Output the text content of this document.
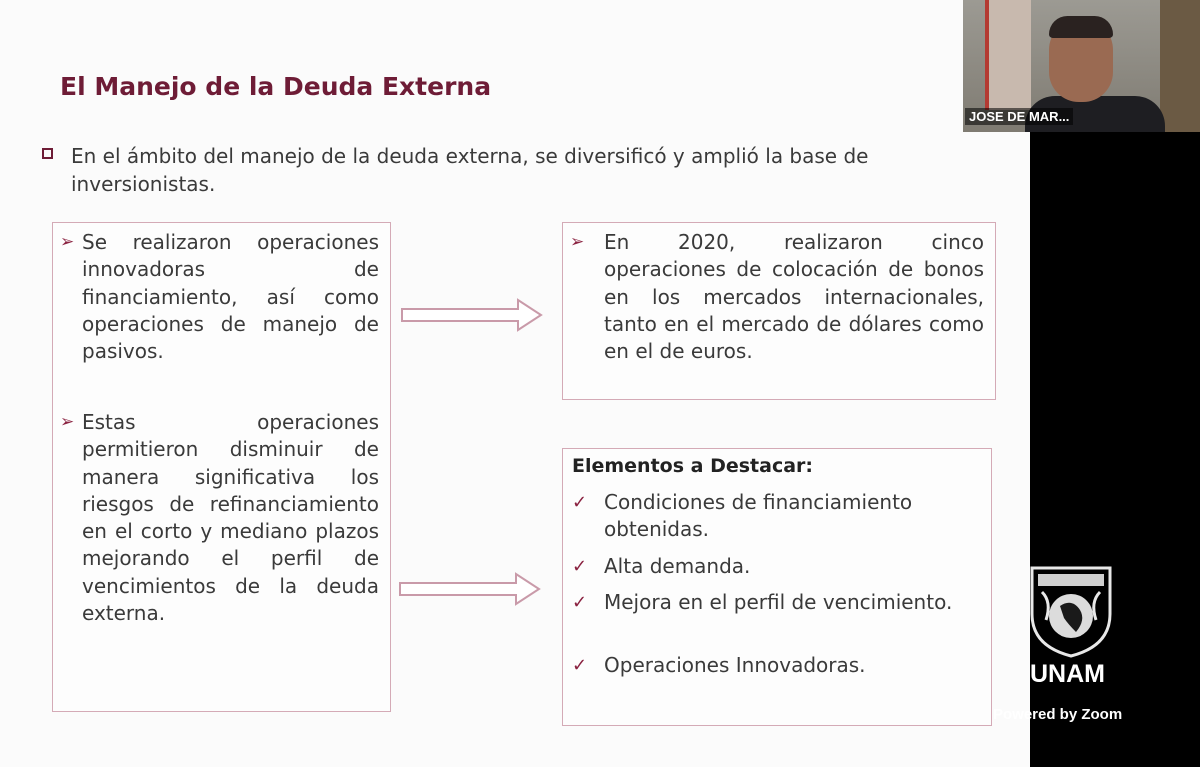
El Manejo de la Deuda Externa
En el ámbito del manejo de la deuda externa, se diversificó y amplió la base de inversionistas.
➢ Se realizaron operaciones innovadoras de financiamiento, así como operaciones de manejo de pasivos.
➢ Estas operaciones permitieron disminuir de manera significativa los riesgos de refinanciamiento en el corto y mediano plazos mejorando el perfil de vencimientos de la deuda externa.
➢ En 2020, realizaron cinco operaciones de colocación de bonos en los mercados internacionales, tanto en el mercado de dólares como en el de euros.
Elementos a Destacar:
✓ Condiciones de financiamiento obtenidas.
✓ Alta demanda.
✓ Mejora en el perfil de vencimiento.
✓ Operaciones Innovadoras.
JOSE DE MAR...
UNAM
Powered by Zoom
